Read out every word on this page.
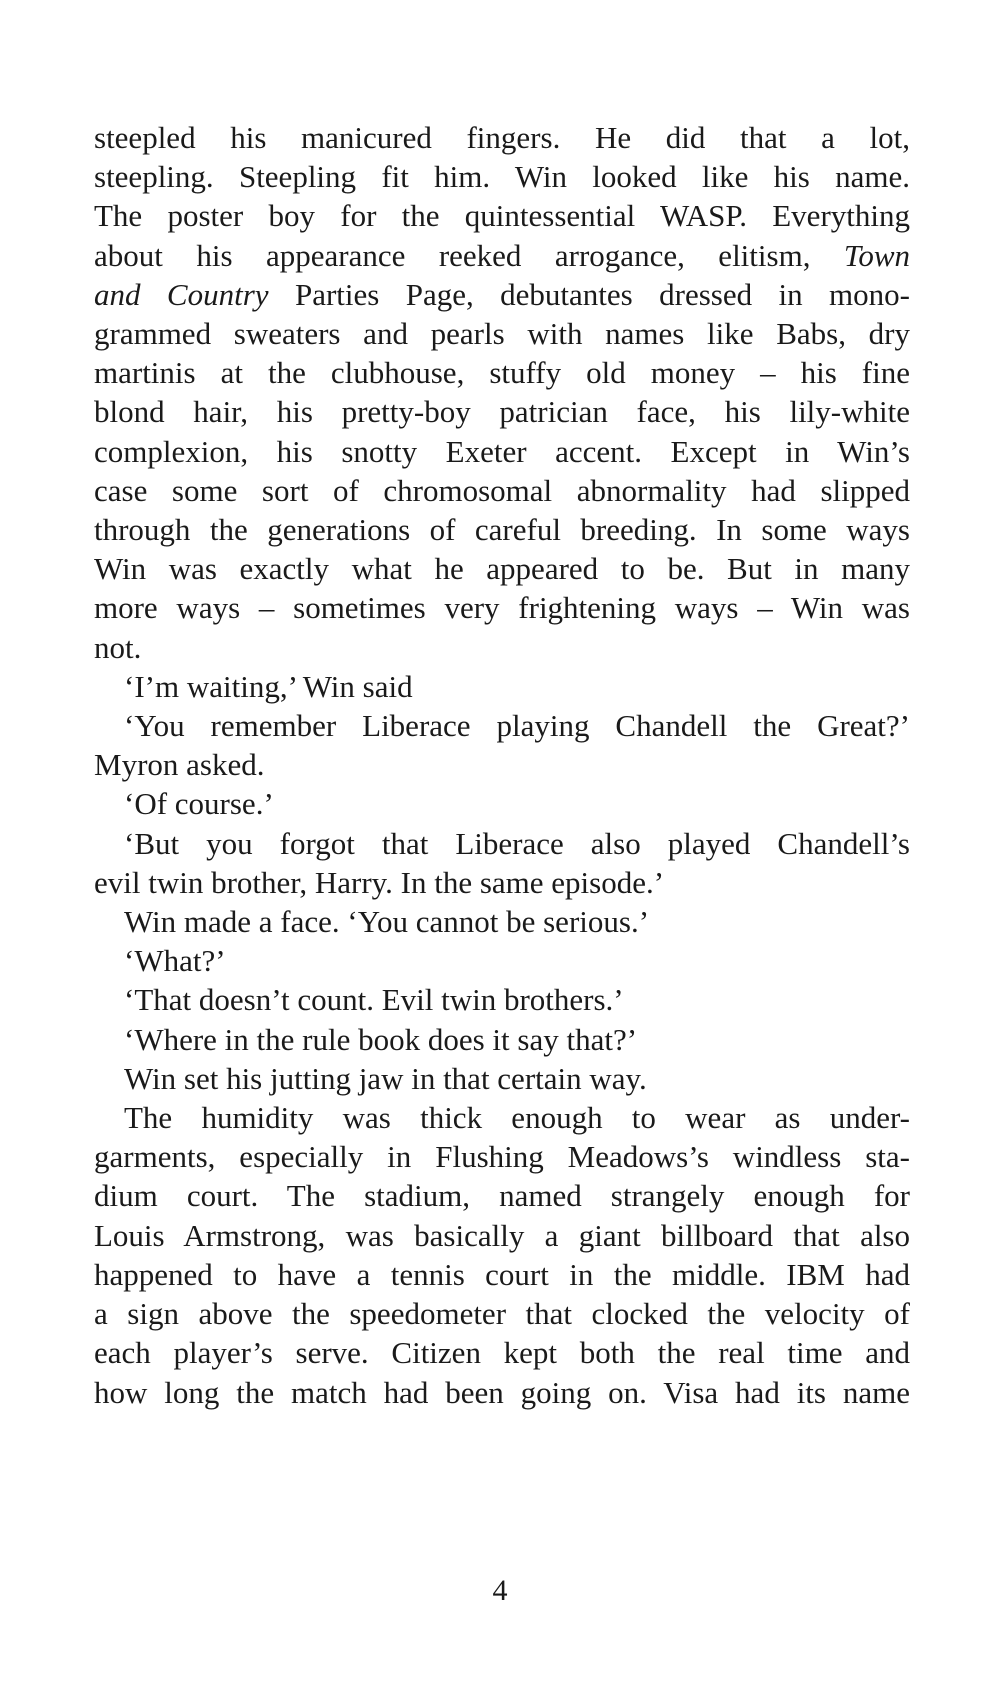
steepled his manicured fingers. He did that a lot,
steepling. Steepling fit him. Win looked like his name.
The poster boy for the quintessential WASP. Everything
about his appearance reeked arrogance, elitism, Town
and Country Parties Page, debutantes dressed in mono-
grammed sweaters and pearls with names like Babs, dry
martinis at the clubhouse, stuffy old money – his fine
blond hair, his pretty-boy patrician face, his lily-white
complexion, his snotty Exeter accent. Except in Win’s
case some sort of chromosomal abnormality had slipped
through the generations of careful breeding. In some ways
Win was exactly what he appeared to be. But in many
more ways – sometimes very frightening ways – Win was
not.
‘I’m waiting,’ Win said
‘You remember Liberace playing Chandell the Great?’
Myron asked.
‘Of course.’
‘But you forgot that Liberace also played Chandell’s
evil twin brother, Harry. In the same episode.’
Win made a face. ‘You cannot be serious.’
‘What?’
‘That doesn’t count. Evil twin brothers.’
‘Where in the rule book does it say that?’
Win set his jutting jaw in that certain way.
The humidity was thick enough to wear as under-
garments, especially in Flushing Meadows’s windless sta-
dium court. The stadium, named strangely enough for
Louis Armstrong, was basically a giant billboard that also
happened to have a tennis court in the middle. IBM had
a sign above the speedometer that clocked the velocity of
each player’s serve. Citizen kept both the real time and
how long the match had been going on. Visa had its name
4
